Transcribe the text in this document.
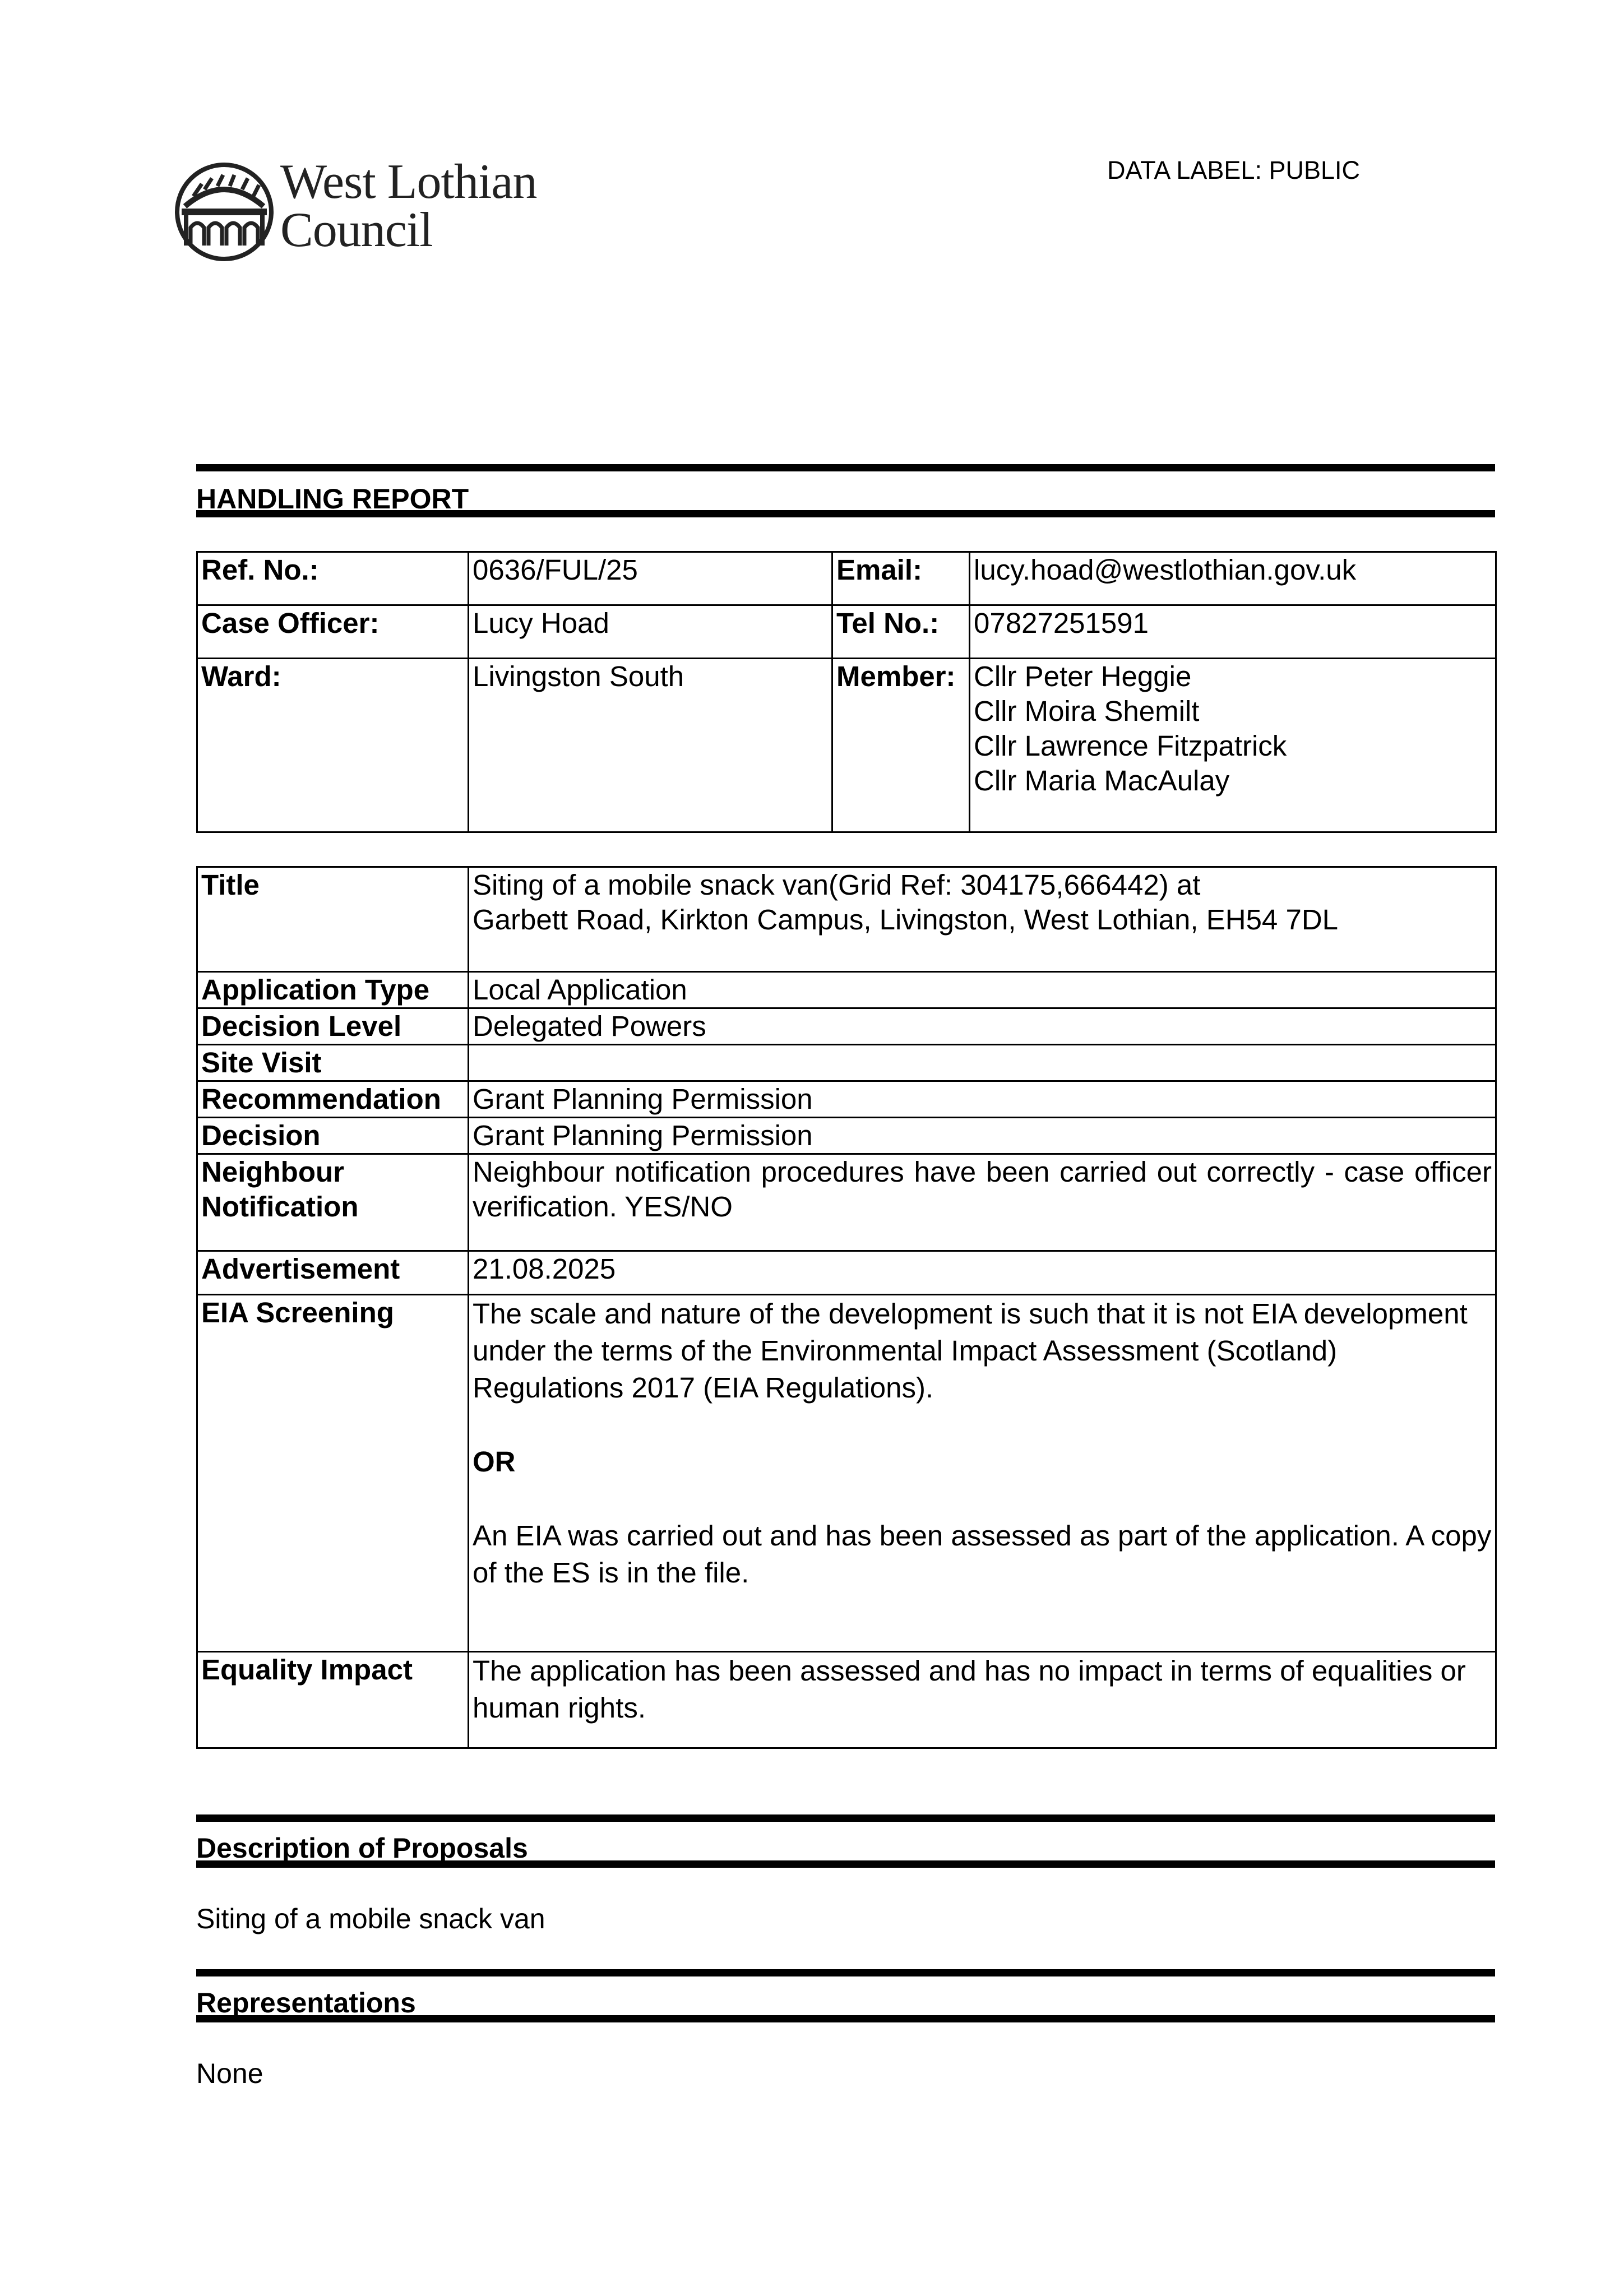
West Lothian
Council
DATA LABEL: PUBLIC
HANDLING REPORT
Ref. No.:	0636/FUL/25	Email:	lucy.hoad@westlothian.gov.uk
Case Officer:	Lucy Hoad	Tel No.:	07827251591
Ward:	Livingston South	Member:	Cllr Peter Heggie
Cllr Moira Shemilt
Cllr Lawrence Fitzpatrick
Cllr Maria MacAulay
Title	Siting of a mobile snack van(Grid Ref: 304175,666442) at
Garbett Road, Kirkton Campus, Livingston, West Lothian, EH54 7DL

Application Type	Local Application
Decision Level	Delegated Powers
Site Visit	
Recommendation	Grant Planning Permission
Decision	Grant Planning Permission

Neighbour
Notification	Neighbour notification procedures have been carried out correctly - case officer verification. YES/NO
Advertisement	21.08.2025
EIA Screening	The scale and nature of the development is such that it is not EIA development under the terms of the Environmental Impact Assessment (Scotland) Regulations 2017 (EIA Regulations).
OR
An EIA was carried out and has been assessed as part of the application. A copy of the ES is in the file.

Equality Impact	The application has been assessed and has no impact in terms of equalities or human rights.
Description of Proposals
Siting of a mobile snack van
Representations
None
